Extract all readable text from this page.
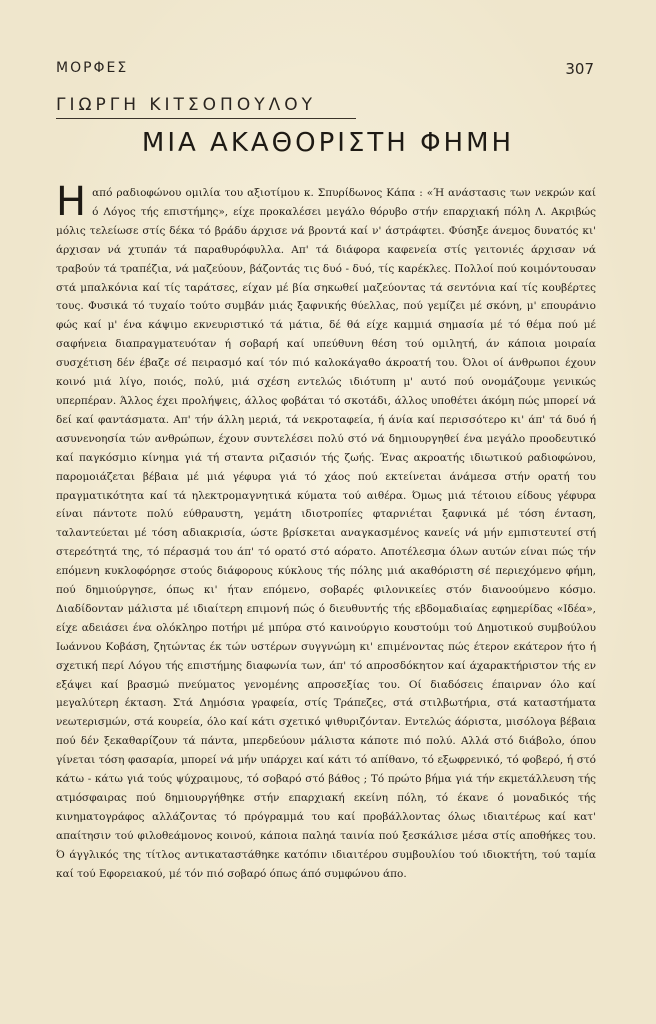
ΜΟΡΦΕΣ	307
ΓΙΩΡΓΗ ΚΙΤΣΟΠΟΥΛΟΥ
ΜΙΑ ΑΚΑΘΟΡΙΣΤΗ ΦΗΜΗ
Ηαπό ραδιοφώνου ομιλία του αξιοτίμου κ. Σπυρίδωνος Κάπα : «Ή ανάστασις των νεκρών καί ό Λόγος τής επιστήμης», είχε προκαλέσει μεγάλο θόρυβο στήν επαρχιακή πόλη Λ. Ακριβώς μόλις τελείωσε στίς δέκα τό βράδυ άρχισε νά βροντά καί ν' άστράφτει. Φύσηξε άνεμος δυνατός κι' άρχισαν νά χτυπάν τά παραθυρόφυλλα. Απ' τά διάφορα καφενεία στίς γειτονιές άρχισαν νά τραβούν τά τραπέζια, νά μαζεύουν, βάζοντάς τις δυό - δυό, τίς καρέκλες. Πολλοί πού κοιμόντουσαν στά μπαλκόνια καί τίς ταράτσες, είχαν μέ βία σηκωθεί μαζεύοντας τά σεντόνια καί τίς κουβέρτες τους. Φυσικά τό τυχαίο τούτο συμβάν μιάς ξαφνικής θύελλας, πού γεμίζει μέ σκόνη, μ' επουράνιο φώς καί μ' ένα κάψιμο εκνευριστικό τά μάτια, δέ θά είχε καμμιά σημασία μέ τό θέμα πού μέ σαφήνεια διαπραγματευόταν ή σοβαρή καί υπεύθυνη θέση τού ομιλητή, άν κάποια μοιραία συσχέτιση δέν έβαζε σέ πειρασμό καί τόν πιό καλοκάγαθο άκροατή του. Όλοι οί άνθρωποι έχουν κοινό μιά λίγο, ποιός, πολύ, μιά σχέση εντελώς ιδιότυπη μ' αυτό πού ονομάζουμε γενικώς υπερπέραν. Άλλος έχει προλήψεις, άλλος φοβάται τό σκοτάδι, άλλος υποθέτει άκόμη πώς μπορεί νά δεί καί φαντάσματα. Απ' τήν άλλη μεριά, τά νεκροταφεία, ή άνία καί περισσότερο κι' άπ' τά δυό ή ασυνενοησία τών ανθρώπων, έχουν συντελέσει πολύ στό νά δημιουργηθεί ένα μεγάλο προοδευτικό καί παγκόσμιο κίνημα γιά τή σταντα ριζασιόν τής ζωής. Ένας ακροατής ιδιωτικού ραδιοφώνου, παρομοιάζεται βέβαια μέ μιά γέφυρα γιά τό χάος πού εκτείνεται άνάμεσα στήν ορατή του πραγματικότητα καί τά ηλεκτρομαγνητικά κύματα τού αιθέρα. Όμως μιά τέτοιου είδους γέφυρα είναι πάντοτε πολύ εύθραυστη, γεμάτη ιδιοτροπίες φταρνιέται ξαφνικά μέ τόση ένταση, ταλαντεύεται μέ τόση αδιακρισία, ώστε βρίσκεται αναγκασμένος κανείς νά μήν εμπιστευτεί στή στερεότητά της, τό πέρασμά του άπ' τό ορατό στό αόρατο. Αποτέλεσμα όλων αυτών είναι πώς τήν επόμενη κυκλοφόρησε στούς διάφορους κύκλους τής πόλης μιά ακαθόριστη σέ περιεχόμενο φήμη, πού δημιούργησε, όπως κι' ήταν επόμενο, σοβαρές φιλονικείες στόν διανοούμενο κόσμο. Διαδίδονταν μάλιστα μέ ιδιαίτερη επιμονή πώς ό διευθυντής τής εβδομαδιαίας εφημερίδας «Ιδέα», είχε αδειάσει ένα ολόκληρο ποτήρι μέ μπύρα στό καινούργιο κουστούμι τού Δημοτικού συμβούλου Ιωάννου Κοβάση, ζητώντας έκ τών υστέρων συγγνώμη κι' επιμένοντας πώς έτερον εκάτερον ήτο ή σχετική περί Λόγου τής επιστήμης διαφωνία των, άπ' τό απροσδόκητον καί άχαρακτήριστον τής εν εξάψει καί βρασμώ πνεύματος γενομένης απροσεξίας του. Οί διαδόσεις έπαιρναν όλο καί μεγαλύτερη έκταση. Στά Δημόσια γραφεία, στίς Τράπεζες, στά στιλβωτήρια, στά καταστήματα νεωτερισμών, στά κουρεία, όλο καί κάτι σχετικό ψιθυριζόνταν. Εντελώς άόριστα, μισόλογα βέβαια πού δέν ξεκαθαρίζουν τά πάντα, μπερδεύουν μάλιστα κάποτε πιό πολύ. Αλλά στό διάβολο, όπου γίνεται τόση φασαρία, μπορεί νά μήν υπάρχει καί κάτι τό απίθανο, τό εξωφρενικό, τό φοβερό, ή στό κάτω - κάτω γιά τούς ψύχραιμους, τό σοβαρό στό βάθος ; Τό πρώτο βήμα γιά τήν εκμετάλλευση τής ατμόσφαιρας πού δημιουργήθηκε στήν επαρχιακή εκείνη πόλη, τό έκανε ό μοναδικός τής κινηματογράφος αλλάζοντας τό πρόγραμμά του καί προβάλλοντας όλως ιδιαιτέρως καί κατ' απαίτησιν τού φιλοθεάμονος κοινού, κάποια παληά ταινία πού ξεσκάλισε μέσα στίς αποθήκες του. Ό άγγλικός της τίτλος αντικαταστάθηκε κατόπιν ιδιαιτέρου συμβουλίου τού ιδιοκτήτη, τού ταμία καί τού Εφορειακού, μέ τόν πιό σοβαρό όπως άπό συμφώνου άπο.
